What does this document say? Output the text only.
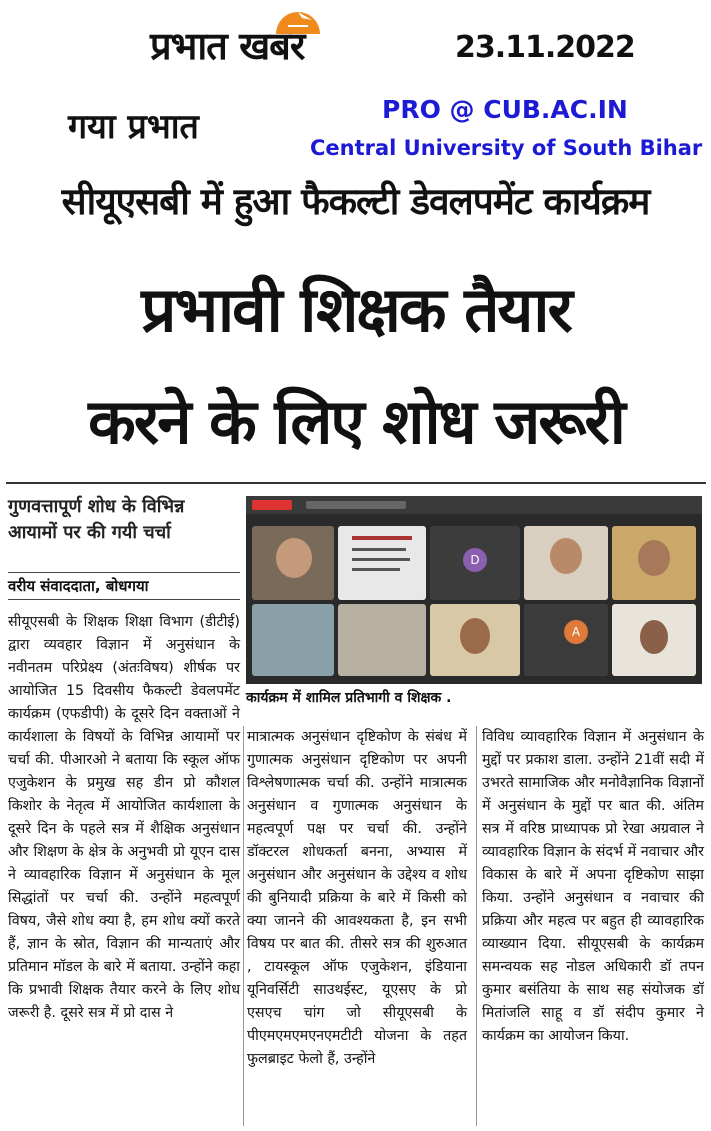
प्रभात खबर	23.11.2022
गया प्रभात	PRO @ CUB.AC.IN
Central University of South Bihar
सीयूएसबी में हुआ फैकल्टी डेवलपमेंट कार्यक्रम
प्रभावी शिक्षक तैयार
करने के लिए शोध जरूरी
गुणवत्तापूर्ण शोध के विभिन्न आयामों पर की गयी चर्चा
वरीय संवाददाता, बोधगया
D
A
कार्यक्रम में शामिल प्रतिभागी व शिक्षक .
सीयूएसबी के शिक्षक शिक्षा विभाग (डीटीई) द्वारा व्यवहार विज्ञान में अनुसंधान के नवीनतम परिप्रेक्ष्य (अंतःविषय) शीर्षक पर आयोजित 15 दिवसीय फैकल्टी डेवलपमेंट कार्यक्रम (एफडीपी) के दूसरे दिन वक्ताओं ने कार्यशाला के विषयों के विभिन्न आयामों पर चर्चा की. पीआरओ ने बताया कि स्कूल ऑफ एजुकेशन के प्रमुख सह डीन प्रो कौशल किशोर के नेतृत्व में आयोजित कार्यशाला के दूसरे दिन के पहले सत्र में शैक्षिक अनुसंधान और शिक्षण के क्षेत्र के अनुभवी प्रो यूएन दास ने व्यावहारिक विज्ञान में अनुसंधान के मूल सिद्धांतों पर चर्चा की. उन्होंने महत्वपूर्ण विषय, जैसे शोध क्या है, हम शोध क्यों करते हैं, ज्ञान के स्रोत, विज्ञान की मान्यताएं और प्रतिमान मॉडल के बारे में बताया. उन्होंने कहा कि प्रभावी शिक्षक तैयार करने के लिए शोध जरूरी है. दूसरे सत्र में प्रो दास ने
मात्रात्मक अनुसंधान दृष्टिकोण के संबंध में गुणात्मक अनुसंधान दृष्टिकोण पर अपनी विश्लेषणात्मक चर्चा की. उन्होंने मात्रात्मक अनुसंधान व गुणात्मक अनुसंधान के महत्वपूर्ण पक्ष पर चर्चा की. उन्होंने डॉक्टरल शोधकर्ता बनना, अभ्यास में अनुसंधान और अनुसंधान के उद्देश्य व शोध की बुनियादी प्रक्रिया के बारे में किसी को क्या जानने की आवश्यकता है, इन सभी विषय पर बात की. तीसरे सत्र की शुरुआत , टायस्कूल ऑफ एजुकेशन, इंडियाना यूनिवर्सिटी साउथईस्ट, यूएसए के प्रो एसएच चांग जो सीयूएसबी के पीएमएमएमएनएमटीटी योजना के तहत फुलब्राइट फेलो हैं, उन्होंने
विविध व्यावहारिक विज्ञान में अनुसंधान के मुद्दों पर प्रकाश डाला. उन्होंने 21वीं सदी में उभरते सामाजिक और मनोवैज्ञानिक विज्ञानों में अनुसंधान के मुद्दों पर बात की. अंतिम सत्र में वरिष्ठ प्राध्यापक प्रो रेखा अग्रवाल ने व्यावहारिक विज्ञान के संदर्भ में नवाचार और विकास के बारे में अपना दृष्टिकोण साझा किया. उन्होंने अनुसंधान व नवाचार की प्रक्रिया और महत्व पर बहुत ही व्यावहारिक व्याख्यान दिया. सीयूएसबी के कार्यक्रम समन्वयक सह नोडल अधिकारी डॉ तपन कुमार बसंतिया के साथ सह संयोजक डॉ मितांजलि साहू व डॉ संदीप कुमार ने कार्यक्रम का आयोजन किया.
